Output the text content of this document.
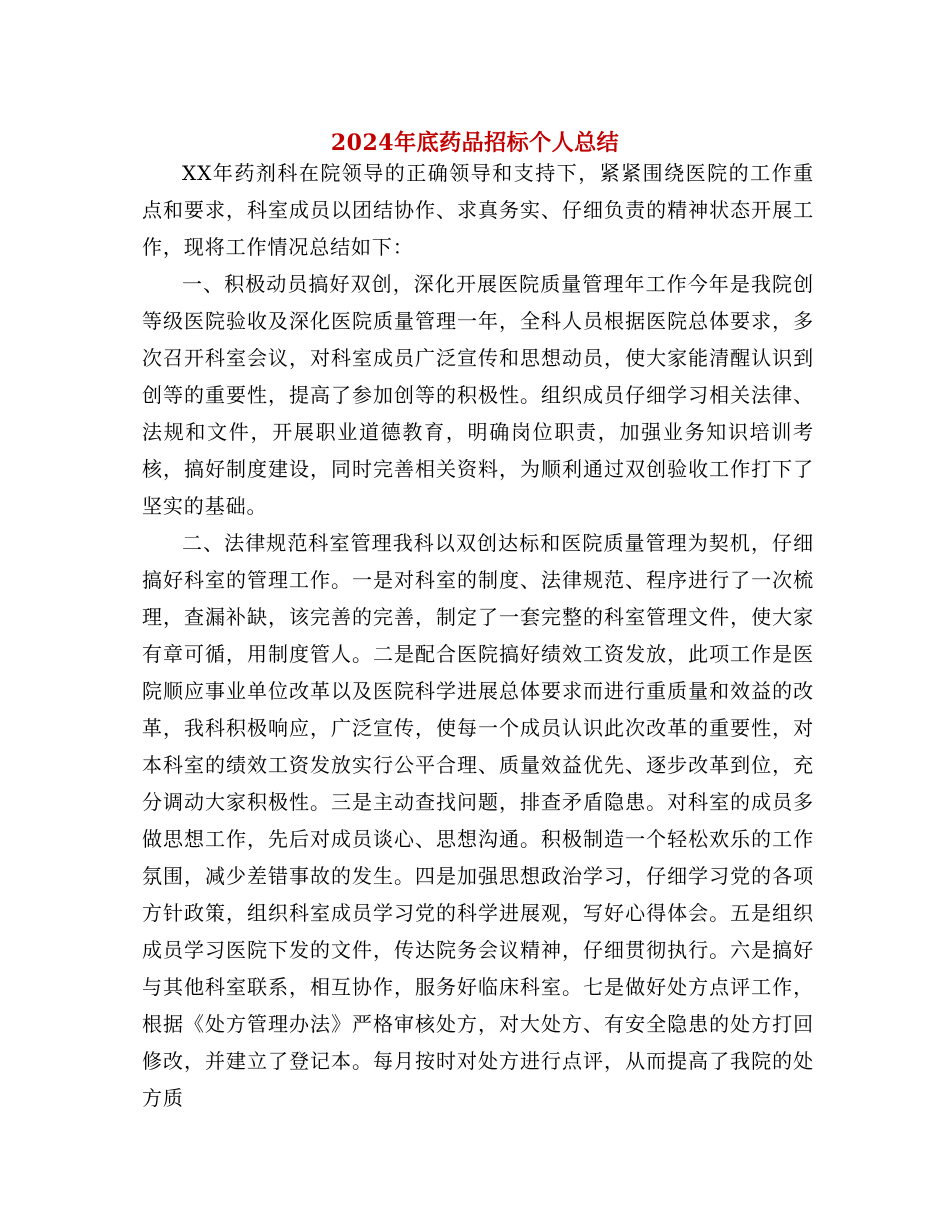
2024年底药品招标个人总结

XX年药剂科在院领导的正确领导和支持下，紧紧围绕医院的工作重点和要求，科室成员以团结协作、求真务实、仔细负责的精神状态开展工作，现将工作情况总结如下：

一、积极动员搞好双创，深化开展医院质量管理年工作今年是我院创等级医院验收及深化医院质量管理一年，全科人员根据医院总体要求，多次召开科室会议，对科室成员广泛宣传和思想动员，使大家能清醒认识到创等的重要性，提高了参加创等的积极性。组织成员仔细学习相关法律、法规和文件，开展职业道德教育，明确岗位职责，加强业务知识培训考核，搞好制度建设，同时完善相关资料，为顺利通过双创验收工作打下了坚实的基础。

二、法律规范科室管理我科以双创达标和医院质量管理为契机，仔细搞好科室的管理工作。一是对科室的制度、法律规范、程序进行了一次梳理，查漏补缺，该完善的完善，制定了一套完整的科室管理文件，使大家有章可循，用制度管人。二是配合医院搞好绩效工资发放，此项工作是医院顺应事业单位改革以及医院科学进展总体要求而进行重质量和效益的改革，我科积极响应，广泛宣传，使每一个成员认识此次改革的重要性，对本科室的绩效工资发放实行公平合理、质量效益优先、逐步改革到位，充分调动大家积极性。三是主动查找问题，排查矛盾隐患。对科室的成员多做思想工作，先后对成员谈心、思想沟通。积极制造一个轻松欢乐的工作氛围，减少差错事故的发生。四是加强思想政治学习，仔细学习党的各项方针政策，组织科室成员学习党的科学进展观，写好心得体会。五是组织成员学习医院下发的文件，传达院务会议精神，仔细贯彻执行。六是搞好与其他科室联系，相互协作，服务好临床科室。七是做好处方点评工作，根据《处方管理办法》严格审核处方，对大处方、有安全隐患的处方打回修改，并建立了登记本。每月按时对处方进行点评，从而提高了我院的处方质
